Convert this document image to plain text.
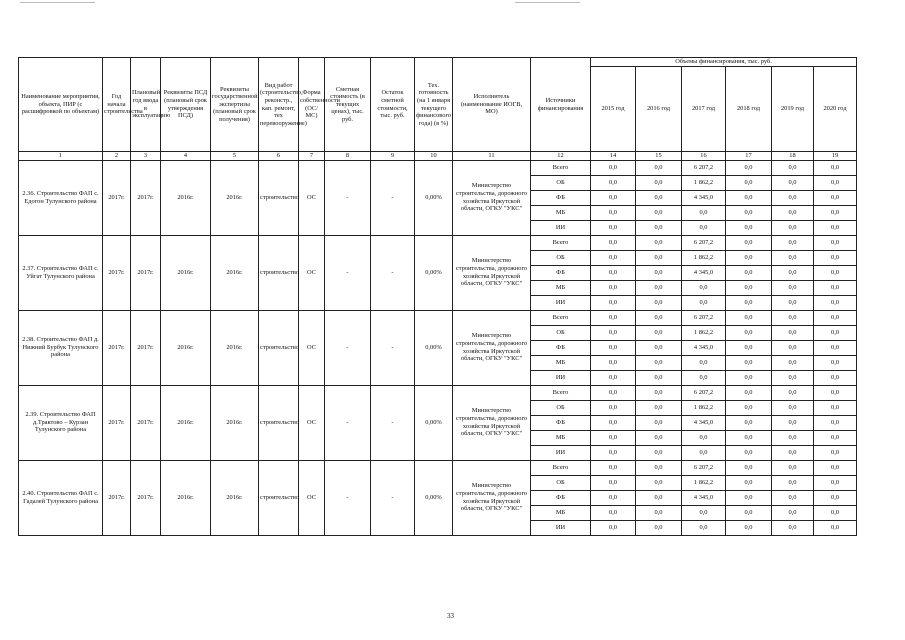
Наименование мероприятия, объекта, ПИР (с расшифровкой по объектам)	Год начала строительства	Плановый год ввода в эксплуатацию	Реквизиты ПСД (плановый срок утверждения ПСД)	Реквизиты государственной экспертизы (плановый срок получения)	Вид работ (строительство, реконстр., кап. ремонт, тех перевооружение)	Форма собственности (ОС/МС)	Сметная стоимость (в текущих ценах), тыс. руб.	Остаток сметной стоимости, тыс. руб.	Тех. готовность (на 1 января текущего финансового года) (в %)	Исполнитель (наименование ИОГВ, МО)	Источники финансирования	Объемы финансирования, тыс. руб.					
												2015 год	2016 год	2017 год	2018 год	2019 год	2020 год
1	2	3	4	5	6	7	8	9	10	11	12	14	15	16	17	18	19
2.36. Строительство ФАП с. Едогон Тулунского района	2017г.	2017г.	2016г.	2016г.	строительство	ОС	-	-	0,00%	Министерство строительства, дорожного хозяйства Иркутской области, ОГКУ "УКС"	Всего	0,0	0,0	6 207,2	0,0	0,0	0,0
											ОБ	0,0	0,0	1 862,2	0,0	0,0	0,0
											ФБ	0,0	0,0	4 345,0	0,0	0,0	0,0
											МБ	0,0	0,0	0,0	0,0	0,0	0,0
											ИИ	0,0	0,0	0,0	0,0	0,0	0,0
2.37. Строительство ФАП с. Уйгат Тулунского района	2017г.	2017г.	2016г.	2016г.	строительство	ОС	-	-	0,00%	Министерство строительства, дорожного хозяйства Иркутской области, ОГКУ "УКС"	Всего	0,0	0,0	6 207,2	0,0	0,0	0,0
											ОБ	0,0	0,0	1 862,2	0,0	0,0	0,0
											ФБ	0,0	0,0	4 345,0	0,0	0,0	0,0
											МБ	0,0	0,0	0,0	0,0	0,0	0,0
											ИИ	0,0	0,0	0,0	0,0	0,0	0,0
2.38. Строительство ФАП д. Нижний Бурбук Тулунского района	2017г.	2017г.	2016г.	2016г.	строительство	ОС	-	-	0,00%	Министерство строительства, дорожного хозяйства Иркутской области, ОГКУ "УКС"	Всего	0,0	0,0	6 207,2	0,0	0,0	0,0
											ОБ	0,0	0,0	1 862,2	0,0	0,0	0,0
											ФБ	0,0	0,0	4 345,0	0,0	0,0	0,0
											МБ	0,0	0,0	0,0	0,0	0,0	0,0
											ИИ	0,0	0,0	0,0	0,0	0,0	0,0
2.39. Строительство ФАП д.Трактово – Курзан Тулунского района	2017г.	2017г.	2016г.	2016г.	строительство	ОС	-	-	0,00%	Министерство строительства, дорожного хозяйства Иркутской области, ОГКУ "УКС"	Всего	0,0	0,0	6 207,2	0,0	0,0	0,0
											ОБ	0,0	0,0	1 862,2	0,0	0,0	0,0
											ФБ	0,0	0,0	4 345,0	0,0	0,0	0,0
											МБ	0,0	0,0	0,0	0,0	0,0	0,0
											ИИ	0,0	0,0	0,0	0,0	0,0	0,0
2.40. Строительство ФАП с. Гадалей Тулунского района	2017г.	2017г.	2016г.	2016г.	строительство	ОС	-	-	0,00%	Министерство строительства, дорожного хозяйства Иркутской области, ОГКУ "УКС"	Всего	0,0	0,0	6 207,2	0,0	0,0	0,0
											ОБ	0,0	0,0	1 862,2	0,0	0,0	0,0
											ФБ	0,0	0,0	4 345,0	0,0	0,0	0,0
											МБ	0,0	0,0	0,0	0,0	0,0	0,0
											ИИ	0,0	0,0	0,0	0,0	0,0	0,0
33
